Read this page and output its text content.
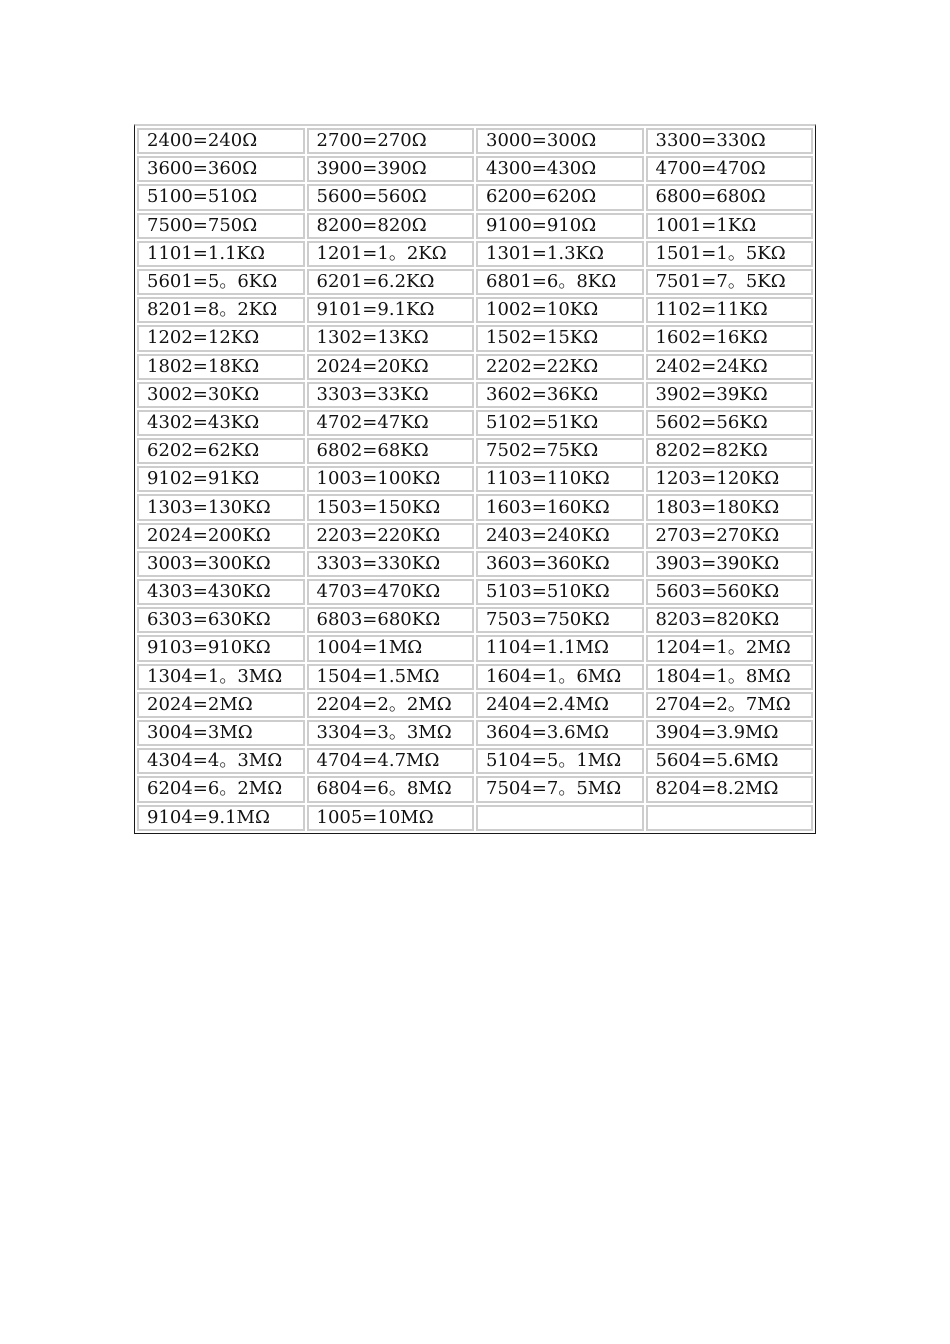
2400=240Ω	2700=270Ω	3000=300Ω	3300=330Ω
3600=360Ω	3900=390Ω	4300=430Ω	4700=470Ω
5100=510Ω	5600=560Ω	6200=620Ω	6800=680Ω
7500=750Ω	8200=820Ω	9100=910Ω	1001=1KΩ
1101=1.1KΩ	1201=1。2KΩ	1301=1.3KΩ	1501=1。5KΩ
5601=5。6KΩ	6201=6.2KΩ	6801=6。8KΩ	7501=7。5KΩ
8201=8。2KΩ	9101=9.1KΩ	1002=10KΩ	1102=11KΩ
1202=12KΩ	1302=13KΩ	1502=15KΩ	1602=16KΩ
1802=18KΩ	2024=20KΩ	2202=22KΩ	2402=24KΩ
3002=30KΩ	3303=33KΩ	3602=36KΩ	3902=39KΩ
4302=43KΩ	4702=47KΩ	5102=51KΩ	5602=56KΩ
6202=62KΩ	6802=68KΩ	7502=75KΩ	8202=82KΩ
9102=91KΩ	1003=100KΩ	1103=110KΩ	1203=120KΩ
1303=130KΩ	1503=150KΩ	1603=160KΩ	1803=180KΩ
2024=200KΩ	2203=220KΩ	2403=240KΩ	2703=270KΩ
3003=300KΩ	3303=330KΩ	3603=360KΩ	3903=390KΩ
4303=430KΩ	4703=470KΩ	5103=510KΩ	5603=560KΩ
6303=630KΩ	6803=680KΩ	7503=750KΩ	8203=820KΩ
9103=910KΩ	1004=1MΩ	1104=1.1MΩ	1204=1。2MΩ
1304=1。3MΩ	1504=1.5MΩ	1604=1。6MΩ	1804=1。8MΩ
2024=2MΩ	2204=2。2MΩ	2404=2.4MΩ	2704=2。7MΩ
3004=3MΩ	3304=3。3MΩ	3604=3.6MΩ	3904=3.9MΩ
4304=4。3MΩ	4704=4.7MΩ	5104=5。1MΩ	5604=5.6MΩ
6204=6。2MΩ	6804=6。8MΩ	7504=7。5MΩ	8204=8.2MΩ
9104=9.1MΩ	1005=10MΩ		
